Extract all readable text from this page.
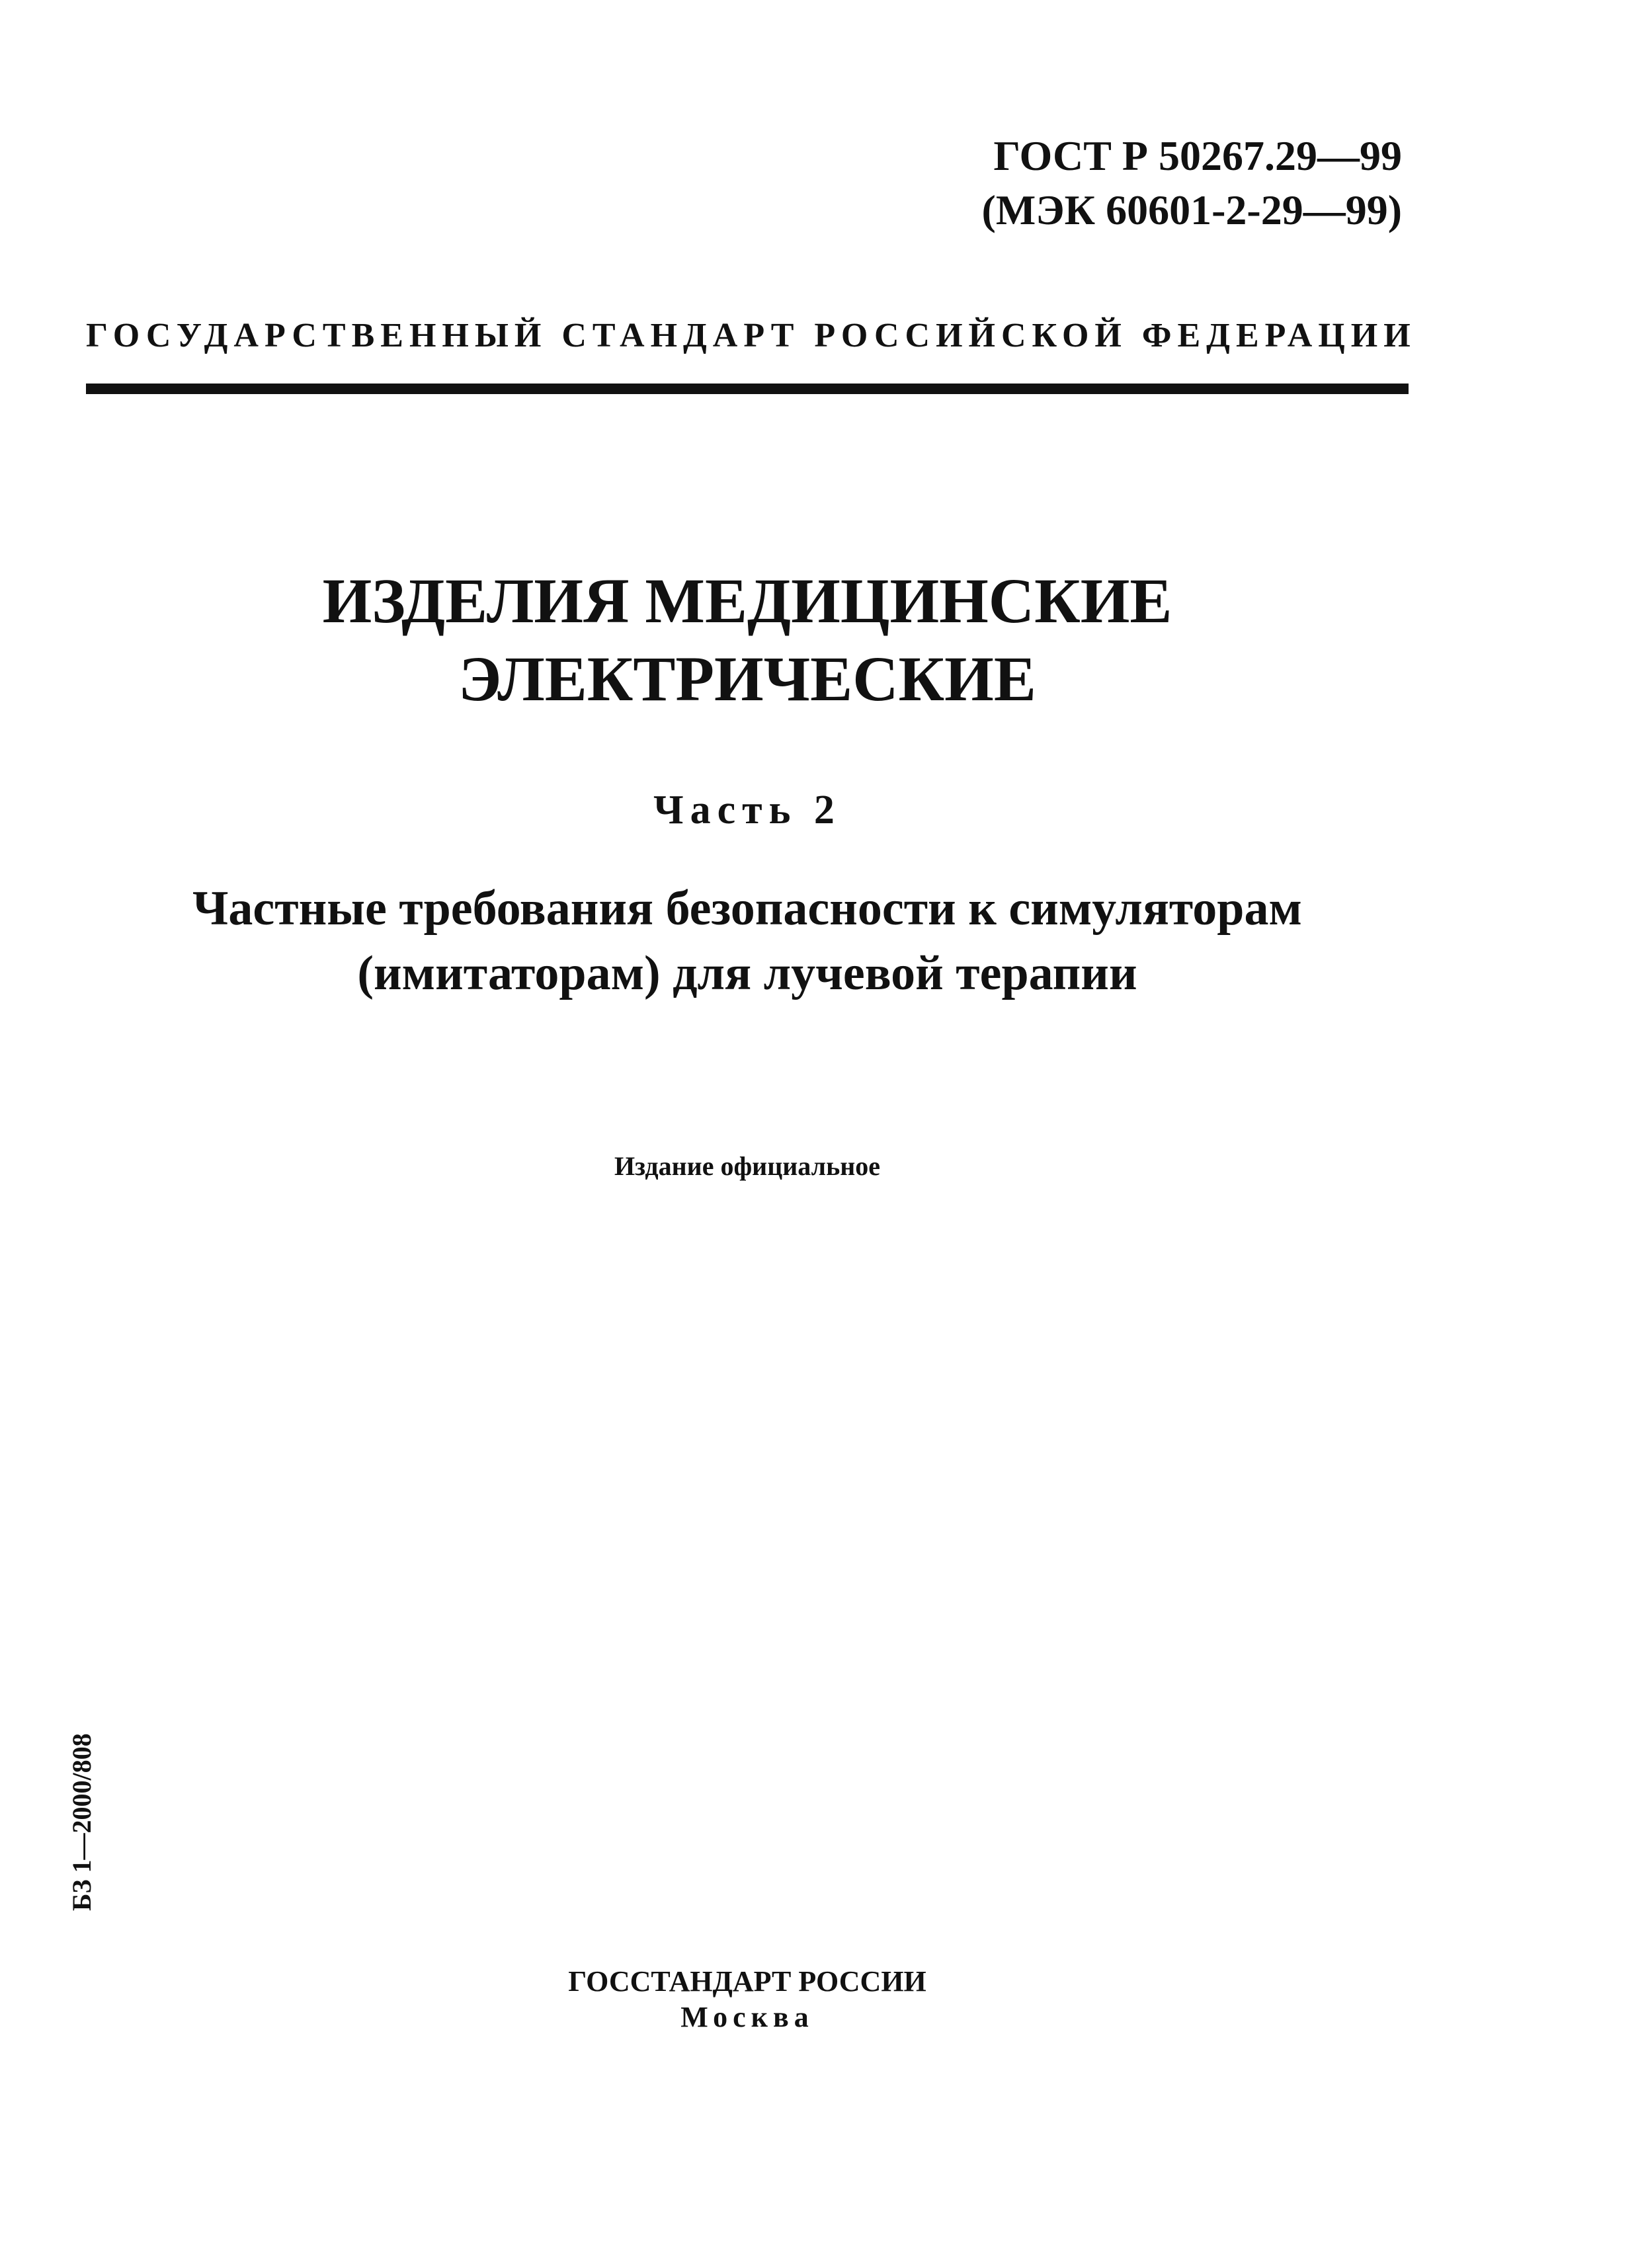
ГОСТ Р 50267.29—99
(МЭК 60601-2-29—99)
ГОСУДАРСТВЕННЫЙ СТАНДАРТ РОССИЙСКОЙ ФЕДЕРАЦИИ
ИЗДЕЛИЯ МЕДИЦИНСКИЕ
ЭЛЕКТРИЧЕСКИЕ
Часть 2
Частные требования безопасности к симуляторам
(имитаторам) для лучевой терапии
Издание официальное
БЗ 1—2000/808
ГОССТАНДАРТ РОССИИ
Москва
